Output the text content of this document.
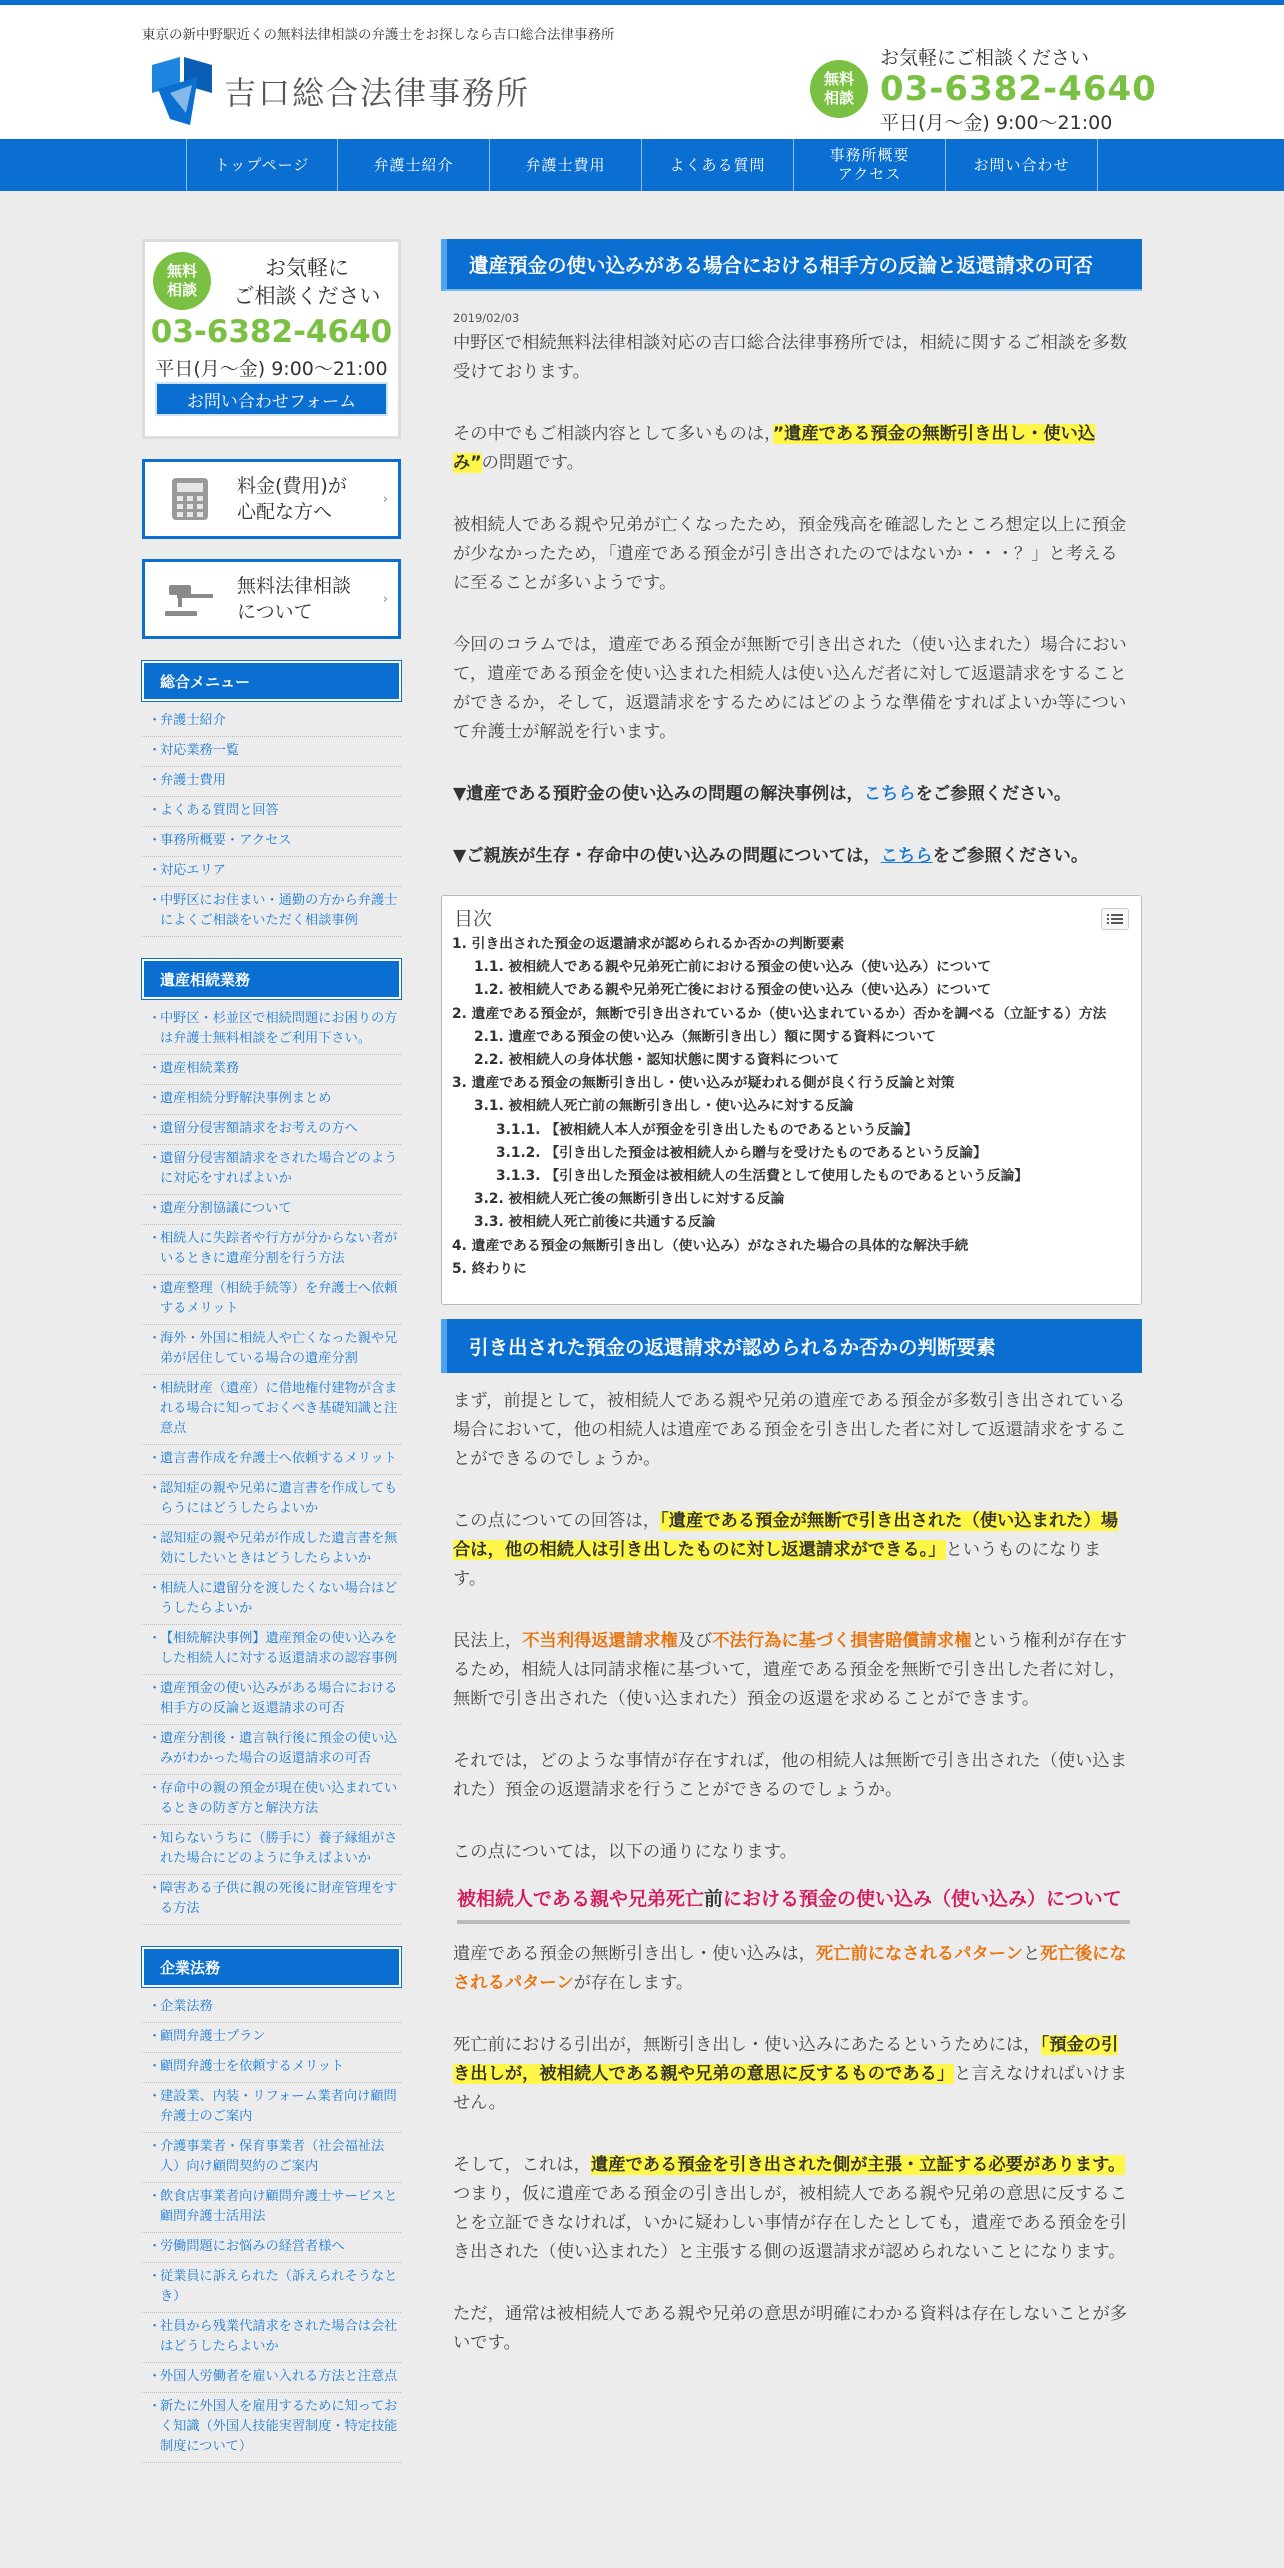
東京の新中野駅近くの無料法律相談の弁護士をお探しなら吉口総合法律事務所
吉口総合法律事務所	無料
相談
お気軽にご相談ください
03-6382-4640
平日(月〜金) 9:00〜21:00
トップページ	弁護士紹介	弁護士費用	よくある質問
事務所概要
アクセス
お問い合わせ
無料
相談
お気軽に
ご相談ください
03-6382-4640
平日(月〜金) 9:00〜21:00
お問い合わせフォーム
料金(費用)が
心配な方へ
›
無料法律相談
について
›
総合メニュー
・ 弁護士紹介
・ 対応業務一覧
・ 弁護士費用
・ よくある質問と回答
・ 事務所概要・アクセス
・ 対応エリア
・ 中野区にお住まい・通勤の方から弁護士によくご相談をいただく相談事例
遺産相続業務
・ 中野区・杉並区で相続問題にお困りの方は弁護士無料相談をご利用下さい。
・ 遺産相続業務
・ 遺産相続分野解決事例まとめ
・ 遺留分侵害額請求をお考えの方へ
・ 遺留分侵害額請求をされた場合どのように対応をすればよいか
・ 遺産分割協議について
・ 相続人に失踪者や行方が分からない者がいるときに遺産分割を行う方法
・ 遺産整理（相続手続等）を弁護士へ依頼するメリット
・ 海外・外国に相続人や亡くなった親や兄弟が居住している場合の遺産分割
・ 相続財産（遺産）に借地権付建物が含まれる場合に知っておくべき基礎知識と注意点
・ 遺言書作成を弁護士へ依頼するメリット
・ 認知症の親や兄弟に遺言書を作成してもらうにはどうしたらよいか
・ 認知症の親や兄弟が作成した遺言書を無効にしたいときはどうしたらよいか
・ 相続人に遺留分を渡したくない場合はどうしたらよいか
・ 【相続解決事例】遺産預金の使い込みをした相続人に対する返還請求の認容事例
・ 遺産預金の使い込みがある場合における相手方の反論と返還請求の可否
・ 遺産分割後・遺言執行後に預金の使い込みがわかった場合の返還請求の可否
・ 存命中の親の預金が現在使い込まれているときの防ぎ方と解決方法
・ 知らないうちに（勝手に）養子縁組がされた場合にどのように争えばよいか
・ 障害ある子供に親の死後に財産管理をする方法
企業法務
・ 企業法務
・ 顧問弁護士プラン
・ 顧問弁護士を依頼するメリット
・ 建設業、内装・リフォーム業者向け顧問弁護士のご案内
・ 介護事業者・保育事業者（社会福祉法人）向け顧問契約のご案内
・ 飲食店事業者向け顧問弁護士サービスと顧問弁護士活用法
・ 労働問題にお悩みの経営者様へ
・ 従業員に訴えられた（訴えられそうなとき）
・ 社員から残業代請求をされた場合は会社はどうしたらよいか
・ 外国人労働者を雇い入れる方法と注意点
・ 新たに外国人を雇用するために知っておく知識（外国人技能実習制度・特定技能制度について）
遺産預金の使い込みがある場合における相手方の反論と返還請求の可否
2019/02/03

中野区で相続無料法律相談対応の吉口総合法律事務所では，相続に関するご相談を多数受けております。

その中でもご相談内容として多いものは，”遺産である預金の無断引き出し・使い込み”の問題です。

被相続人である親や兄弟が亡くなったため，預金残高を確認したところ想定以上に預金が少なかったため，「遺産である預金が引き出されたのではないか・・・？」と考えるに至ることが多いようです。

今回のコラムでは，遺産である預金が無断で引き出された（使い込まれた）場合において，遺産である預金を使い込まれた相続人は使い込んだ者に対して返還請求をすることができるか，そして，返還請求をするためにはどのような準備をすればよいか等について弁護士が解説を行います。

▼遺産である預貯金の使い込みの問題の解決事例は，こちらをご参照ください。

▼ご親族が生存・存命中の使い込みの問題については，こちらをご参照ください。

目次
1. 引き出された預金の返還請求が認められるか否かの判断要素
1.1. 被相続人である親や兄弟死亡前における預金の使い込み（使い込み）について
1.2. 被相続人である親や兄弟死亡後における預金の使い込み（使い込み）について
2. 遺産である預金が，無断で引き出されているか（使い込まれているか）否かを調べる（立証する）方法
2.1. 遺産である預金の使い込み（無断引き出し）額に関する資料について
2.2. 被相続人の身体状態・認知状態に関する資料について
3. 遺産である預金の無断引き出し・使い込みが疑われる側が良く行う反論と対策
3.1. 被相続人死亡前の無断引き出し・使い込みに対する反論
3.1.1. 【被相続人本人が預金を引き出したものであるという反論】
3.1.2. 【引き出した預金は被相続人から贈与を受けたものであるという反論】
3.1.3. 【引き出した預金は被相続人の生活費として使用したものであるという反論】
3.2. 被相続人死亡後の無断引き出しに対する反論
3.3. 被相続人死亡前後に共通する反論
4. 遺産である預金の無断引き出し（使い込み）がなされた場合の具体的な解決手続
5. 終わりに
引き出された預金の返還請求が認められるか否かの判断要素

まず，前提として，被相続人である親や兄弟の遺産である預金が多数引き出されている場合において，他の相続人は遺産である預金を引き出した者に対して返還請求をすることができるのでしょうか。

この点についての回答は，「遺産である預金が無断で引き出された（使い込まれた）場合は，他の相続人は引き出したものに対し返還請求ができる。」というものになります。

民法上，不当利得返還請求権及び不法行為に基づく損害賠償請求権という権利が存在するため，相続人は同請求権に基づいて，遺産である預金を無断で引き出した者に対し，無断で引き出された（使い込まれた）預金の返還を求めることができます。

それでは，どのような事情が存在すれば，他の相続人は無断で引き出された（使い込まれた）預金の返還請求を行うことができるのでしょうか。

この点については，以下の通りになります。

被相続人である親や兄弟死亡前における預金の使い込み（使い込み）について

遺産である預金の無断引き出し・使い込みは，死亡前になされるパターンと死亡後になされるパターンが存在します。

死亡前における引出が，無断引き出し・使い込みにあたるというためには，「預金の引き出しが，被相続人である親や兄弟の意思に反するものである」と言えなければいけません。

そして，これは，遺産である預金を引き出された側が主張・立証する必要があります。つまり，仮に遺産である預金の引き出しが，被相続人である親や兄弟の意思に反することを立証できなければ，いかに疑わしい事情が存在したとしても，遺産である預金を引き出された（使い込まれた）と主張する側の返還請求が認められないことになります。

ただ，通常は被相続人である親や兄弟の意思が明確にわかる資料は存在しないことが多いです。
